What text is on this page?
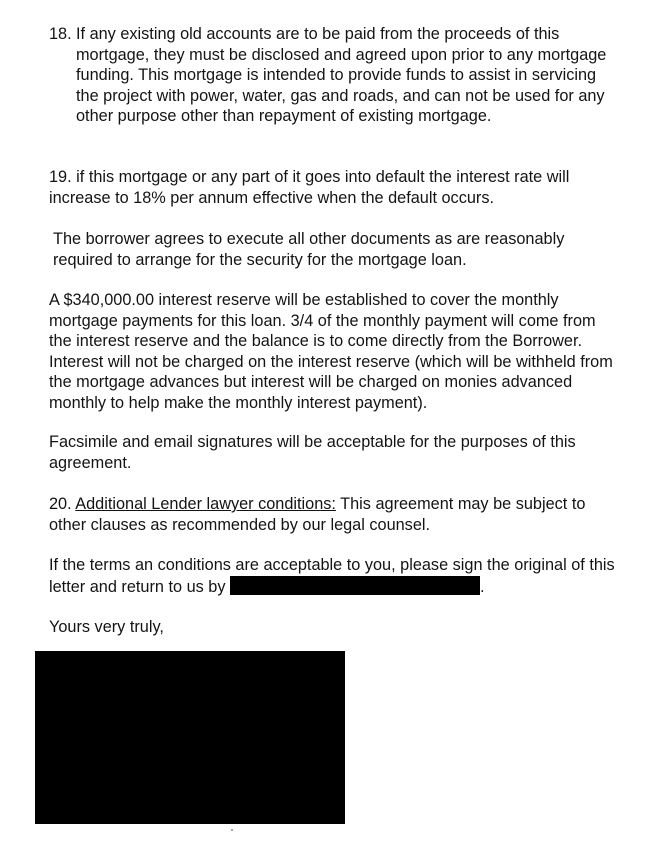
18. If any existing old accounts are to be paid from the proceeds of this mortgage, they must be disclosed and agreed upon prior to any mortgage funding. This mortgage is intended to provide funds to assist in servicing the project with power, water, gas and roads, and can not be used for any other purpose other than repayment of existing mortgage.

19. if this mortgage or any part of it goes into default the interest rate will increase to 18% per annum effective when the default occurs.

The borrower agrees to execute all other documents as are reasonably required to arrange for the security for the mortgage loan.

A $340,000.00 interest reserve will be established to cover the monthly mortgage payments for this loan. 3/4 of the monthly payment will come from the interest reserve and the balance is to come directly from the Borrower. Interest will not be charged on the interest reserve (which will be withheld from the mortgage advances but interest will be charged on monies advanced monthly to help make the monthly interest payment).

Facsimile and email signatures will be acceptable for the purposes of this agreement.

20. Additional Lender lawyer conditions: This agreement may be subject to other clauses as recommended by our legal counsel.

If the terms an conditions are acceptable to you, please sign the original of this letter and return to us by	.

Yours very truly,
